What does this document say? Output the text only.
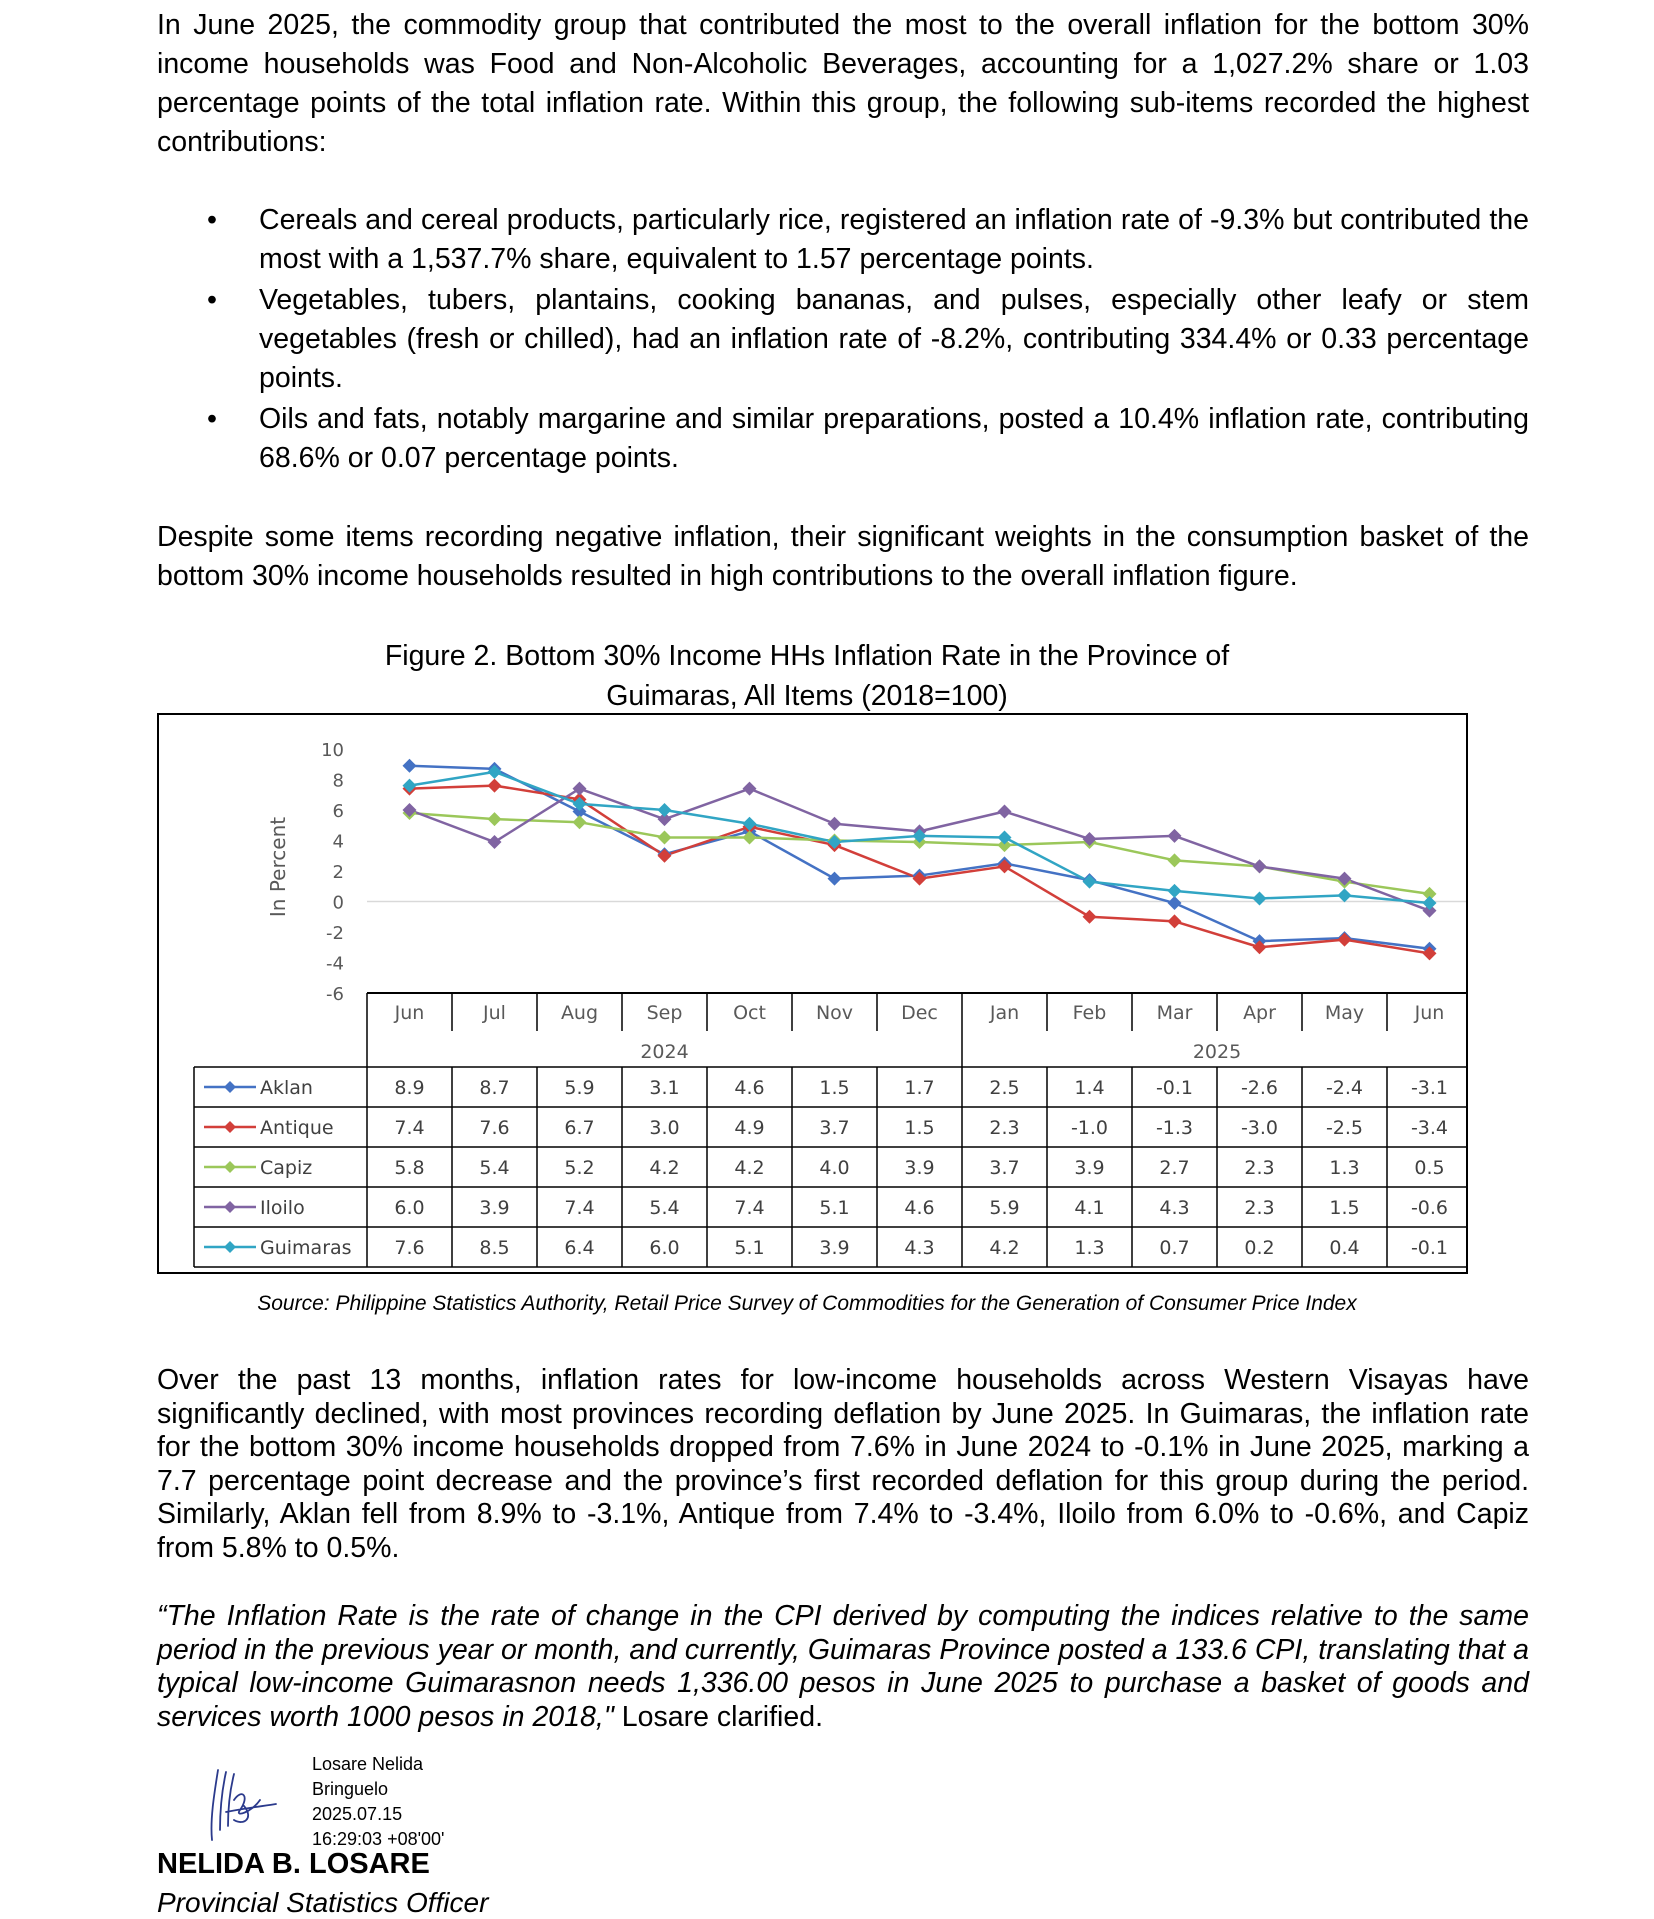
In June 2025, the commodity group that contributed the most to the overall inflation for the bottom 30% income households was Food and Non-Alcoholic Beverages, accounting for a 1,027.2% share or 1.03 percentage points of the total inflation rate. Within this group, the following sub-items recorded the highest contributions:

• Cereals and cereal products, particularly rice, registered an inflation rate of -9.3% but contributed the most with a 1,537.7% share, equivalent to 1.57 percentage points.
• Vegetables, tubers, plantains, cooking bananas, and pulses, especially other leafy or stem vegetables (fresh or chilled), had an inflation rate of -8.2%, contributing 334.4% or 0.33 percentage points.
• Oils and fats, notably margarine and similar preparations, posted a 10.4% inflation rate, contributing 68.6% or 0.07 percentage points.

Despite some items recording negative inflation, their significant weights in the consumption basket of the bottom 30% income households resulted in high contributions to the overall inflation figure.

Figure 2. Bottom 30% Income HHs Inflation Rate in the Province of
Guimaras, All Items (2018=100)
In Percent
10
8
6
4
2
0
-2
-4
-6
Jun	Jul	Aug	Sep	Oct	Nov	Dec	Jan	Feb	Mar	Apr	May	Jun
2024	2025
Aklan	8.9	8.7	5.9	3.1	4.6	1.5	1.7	2.5	1.4	-0.1	-2.6	-2.4	-3.1
Antique	7.4	7.6	6.7	3.0	4.9	3.7	1.5	2.3	-1.0	-1.3	-3.0	-2.5	-3.4
Capiz	5.8	5.4	5.2	4.2	4.2	4.0	3.9	3.7	3.9	2.7	2.3	1.3	0.5
Iloilo	6.0	3.9	7.4	5.4	7.4	5.1	4.6	5.9	4.1	4.3	2.3	1.5	-0.6
Guimaras 7.6	8.5	6.4	6.0	5.1	3.9	4.3	4.2	1.3	0.7	0.2	0.4	-0.1

Source: Philippine Statistics Authority, Retail Price Survey of Commodities for the Generation of Consumer Price Index

Over the past 13 months, inflation rates for low-income households across Western Visayas have significantly declined, with most provinces recording deflation by June 2025. In Guimaras, the inflation rate for the bottom 30% income households dropped from 7.6% in June 2024 to -0.1% in June 2025, marking a 7.7 percentage point decrease and the province’s first recorded deflation for this group during the period. Similarly, Aklan fell from 8.9% to -3.1%, Antique from 7.4% to -3.4%, Iloilo from 6.0% to -0.6%, and Capiz from 5.8% to 0.5%.

“The Inflation Rate is the rate of change in the CPI derived by computing the indices relative to the same period in the previous year or month, and currently, Guimaras Province posted a 133.6 CPI, translating that a typical low-income Guimarasnon needs 1,336.00 pesos in June 2025 to purchase a basket of goods and services worth 1000 pesos in 2018," Losare clarified.

Losare Nelida
Bringuelo
2025.07.15
16:29:03 +08'00'

NELIDA B. LOSARE

Provincial Statistics Officer
